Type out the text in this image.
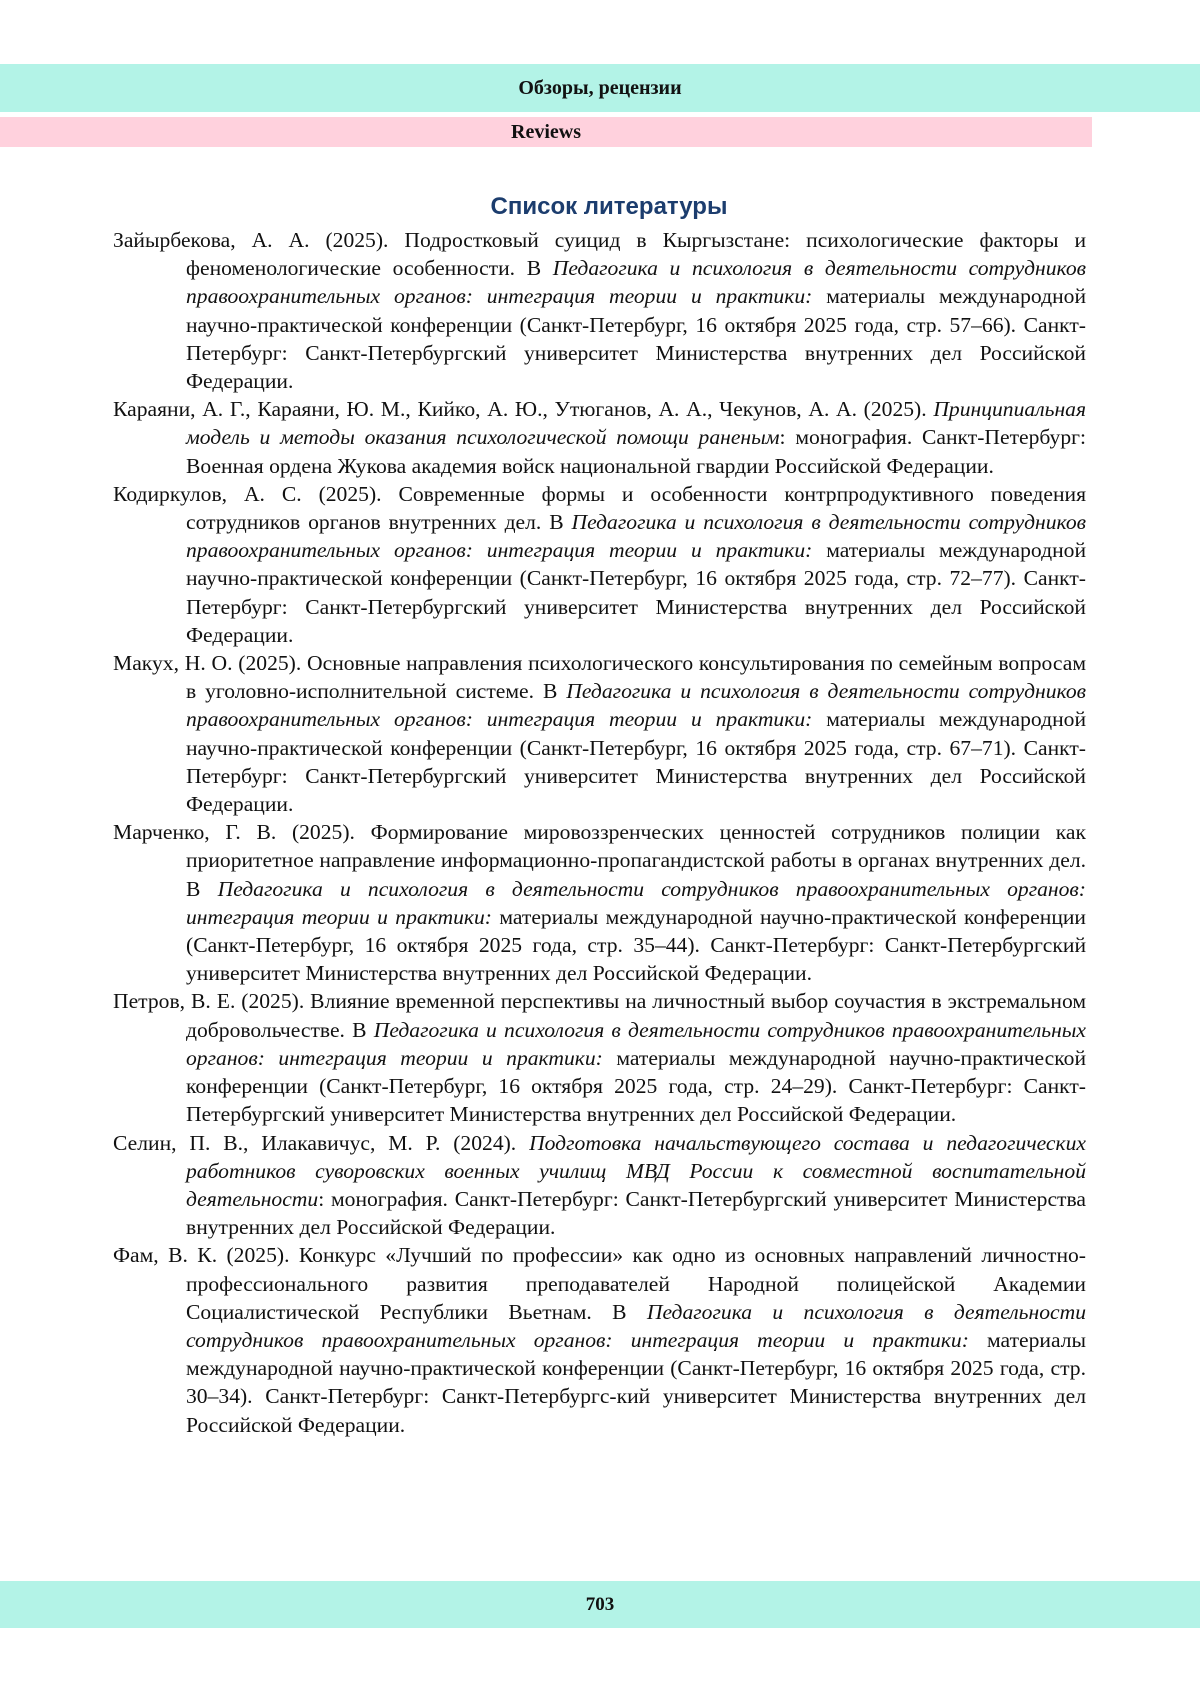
Обзоры, рецензии
Reviews
Список литературы
Зайырбекова, А. А. (2025). Подростковый суицид в Кыргызстане: психологические факторы и феноменологические особенности. В Педагогика и психология в деятельности сотрудников правоохранительных органов: интеграция теории и практики: материалы международной научно-практической конференции (Санкт-Петербург, 16 октября 2025 года, стр. 57–66). Санкт-Петербург: Санкт-Петербургский университет Министерства внутренних дел Российской Федерации.
Караяни, А. Г., Караяни, Ю. М., Кийко, А. Ю., Утюганов, А. А., Чекунов, А. А. (2025). Принципиальная модель и методы оказания психологической помощи раненым: монография. Санкт-Петербург: Военная ордена Жукова академия войск национальной гвардии Российской Федерации.
Кодиркулов, А. С. (2025). Современные формы и особенности контрпродуктивного поведения сотрудников органов внутренних дел. В Педагогика и психология в деятельности сотрудников правоохранительных органов: интеграция теории и практики: материалы международной научно-практической конференции (Санкт-Петербург, 16 октября 2025 года, стр. 72–77). Санкт-Петербург: Санкт-Петербургский университет Министерства внутренних дел Российской Федерации.
Макух, Н. О. (2025). Основные направления психологического консультирования по семейным вопросам в уголовно-исполнительной системе. В Педагогика и психология в деятельности сотрудников правоохранительных органов: интеграция теории и практики: материалы международной научно-практической конференции (Санкт-Петербург, 16 октября 2025 года, стр. 67–71). Санкт-Петербург: Санкт-Петербургский университет Министерства внутренних дел Российской Федерации.
Марченко, Г. В. (2025). Формирование мировоззренческих ценностей сотрудников полиции как приоритетное направление информационно-пропагандистской работы в органах внутренних дел. В Педагогика и психология в деятельности сотрудников правоохранительных органов: интеграция теории и практики: материалы международной научно-практической конференции (Санкт-Петербург, 16 октября 2025 года, стр. 35–44). Санкт-Петербург: Санкт-Петербургский университет Министерства внутренних дел Российской Федерации.
Петров, В. Е. (2025). Влияние временной перспективы на личностный выбор соучастия в экстремальном добровольчестве. В Педагогика и психология в деятельности сотрудников правоохранительных органов: интеграция теории и практики: материалы международной научно-практической конференции (Санкт-Петербург, 16 октября 2025 года, стр. 24–29). Санкт-Петербург: Санкт-Петербургский университет Министерства внутренних дел Российской Федерации.
Селин, П. В., Илакавичус, М. Р. (2024). Подготовка начальствующего состава и педагогических работников суворовских военных училищ МВД России к совместной воспитательной деятельности: монография. Санкт-Петербург: Санкт-Петербургский университет Министерства внутренних дел Российской Федерации.
Фам, В. К. (2025). Конкурс «Лучший по профессии» как одно из основных направлений личностно-профессионального развития преподавателей Народной полицейской Академии Социалистической Республики Вьетнам. В Педагогика и психология в деятельности сотрудников правоохранительных органов: интеграция теории и практики: материалы международной научно-практической конференции (Санкт-Петербург, 16 октября 2025 года, стр. 30–34). Санкт-Петербург: Санкт-Петербургс-кий университет Министерства внутренних дел Российской Федерации.
703
